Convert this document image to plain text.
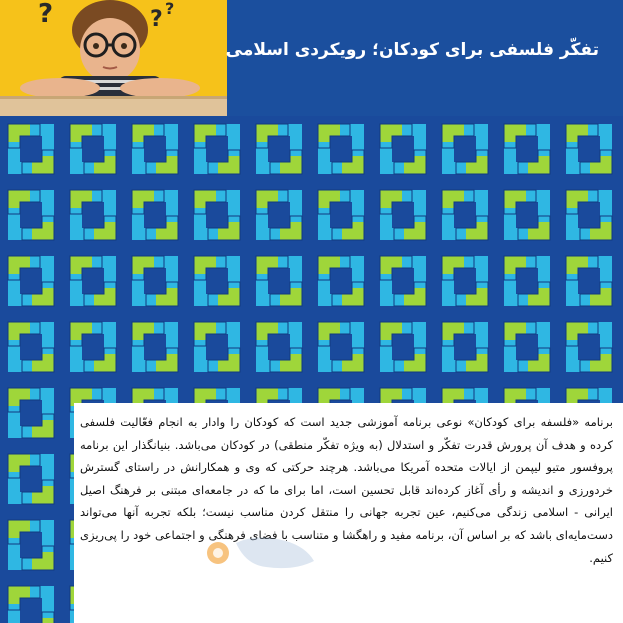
?	? ?
تفکّر فلسفی برای کودکان؛ رویکردی اسلامی

برنامه «فلسفه برای کودکان» نوعی برنامه آموزشی جدید است که کودکان را وادار به انجام فعّالیت فلسفی کرده و هدف آن پرورش قدرت تفکّر و استدلال (به ویژه تفکّر منطقی) در کودکان می‌باشد. بنیانگذار این برنامه پروفسور متیو لیپمن از ایالات متحده آمریکا می‌باشد. هرچند حرکتی که وی و همکارانش در راستای گسترش خردورزی و اندیشه و رأی آغاز کرده‌اند قابل تحسین است، اما برای ما که در جامعه‌ای مبتنی بر فرهنگ اصیل ایرانی - اسلامی زندگی می‌کنیم، عین تجربه جهانی را منتقل کردن مناسب نیست؛ بلکه تجربه آنها می‌تواند دست‌مایه‌ای باشد که بر اساس آن، برنامه مفید و راهگشا و متناسب با فضای فرهنگی و اجتماعی خود را پی‌ریزی کنیم.
